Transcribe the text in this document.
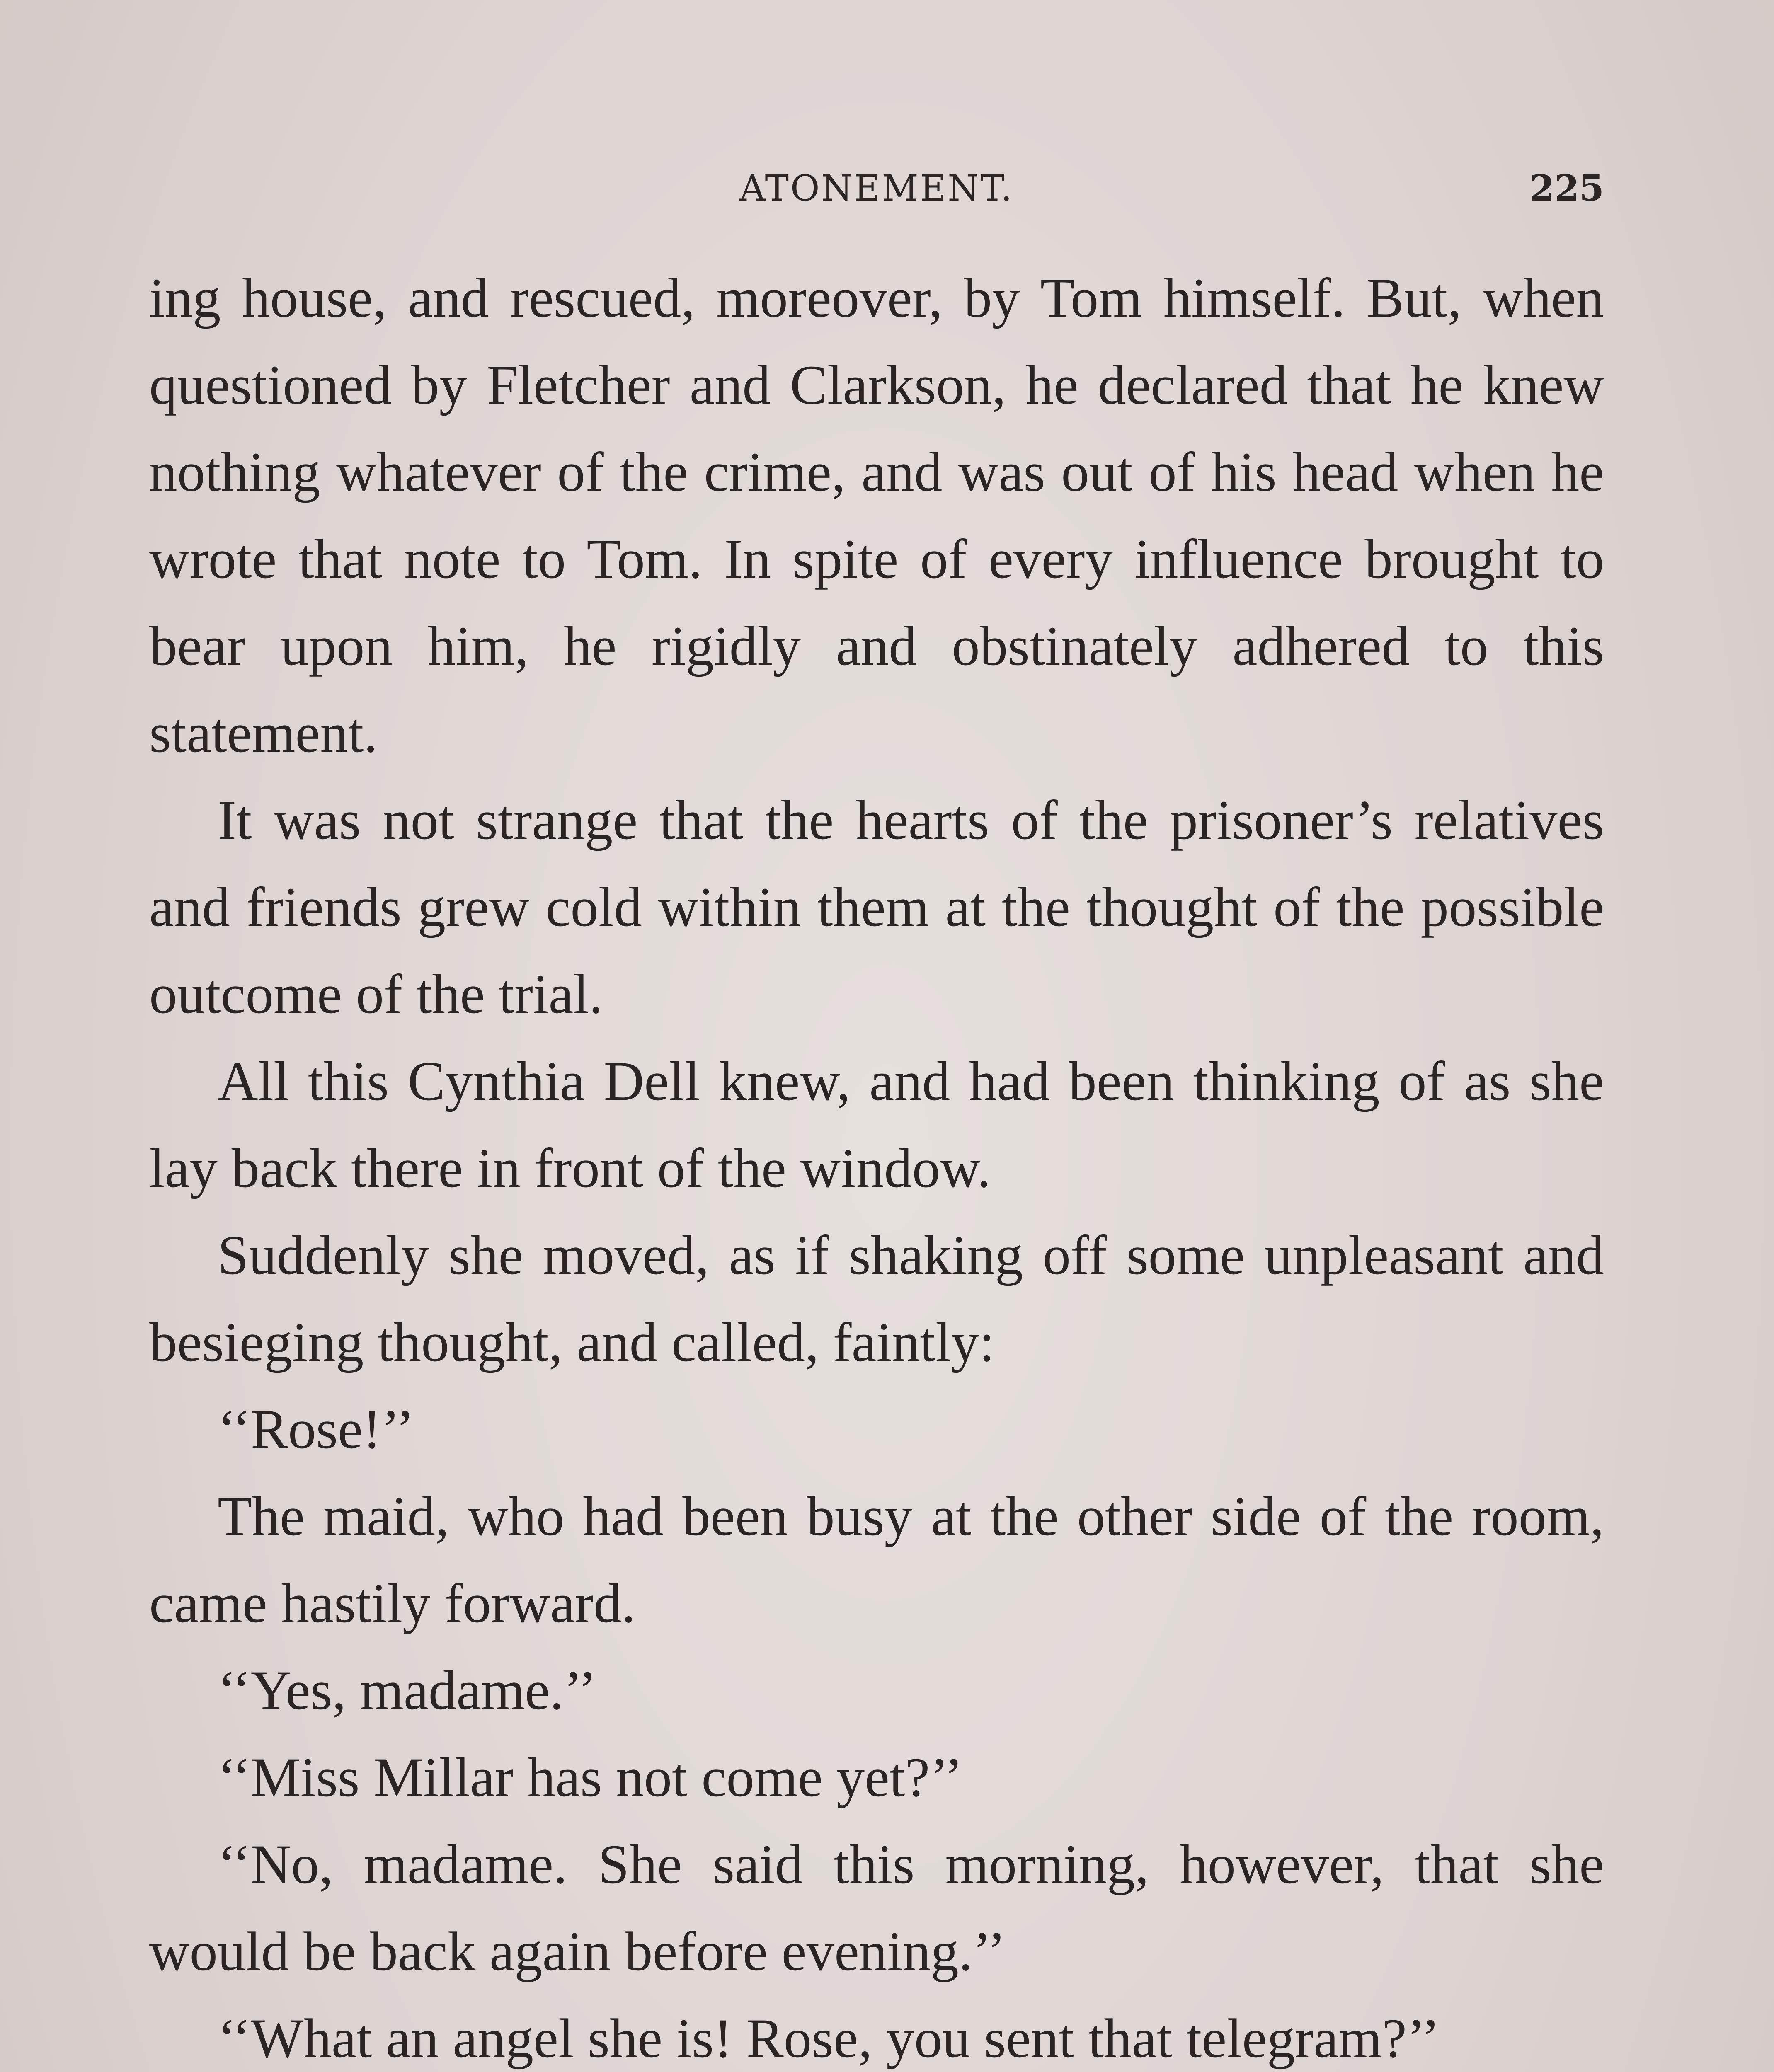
ATONEMENT.	225

ing house, and rescued, moreover, by Tom himself. But, when questioned by Fletcher and Clarkson, he declared that he knew nothing whatever of the crime, and was out of his head when he wrote that note to Tom. In spite of every influence brought to bear upon him, he rigidly and obstinately adhered to this statement.

It was not strange that the hearts of the prisoner’s relatives and friends grew cold within them at the thought of the possible outcome of the trial.

All this Cynthia Dell knew, and had been thinking of as she lay back there in front of the window.

Suddenly she moved, as if shaking off some unpleasant and besieging thought, and called, faintly:

‘‘Rose!’’

The maid, who had been busy at the other side of the room, came hastily forward.

‘‘Yes, madame.’’

‘‘Miss Millar has not come yet?’’

‘‘No, madame. She said this morning, however, that she would be back again before evening.’’

‘‘What an angel she is! Rose, you sent that telegram?’’
